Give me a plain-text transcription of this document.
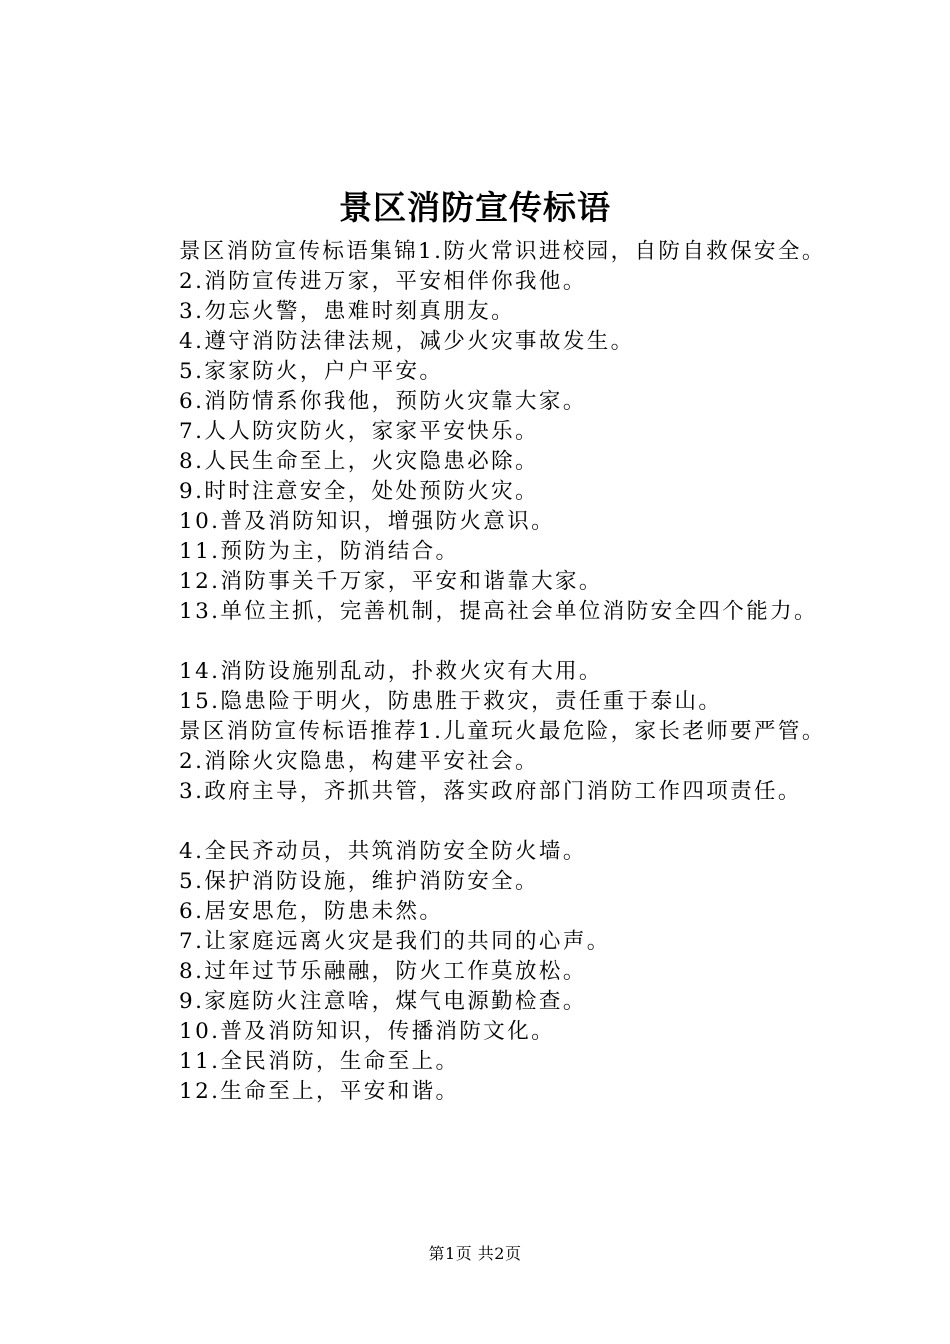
景区消防宣传标语

景区消防宣传标语集锦1.防火常识进校园，自防自救保安全。

2.消防宣传进万家，平安相伴你我他。

3.勿忘火警，患难时刻真朋友。

4.遵守消防法律法规，减少火灾事故发生。

5.家家防火，户户平安。

6.消防情系你我他，预防火灾靠大家。

7.人人防灾防火，家家平安快乐。

8.人民生命至上，火灾隐患必除。

9.时时注意安全，处处预防火灾。

10.普及消防知识，增强防火意识。

11.预防为主，防消结合。

12.消防事关千万家，平安和谐靠大家。

13.单位主抓，完善机制，提高社会单位消防安全四个能力。

14.消防设施别乱动，扑救火灾有大用。

15.隐患险于明火，防患胜于救灾，责任重于泰山。

景区消防宣传标语推荐1.儿童玩火最危险，家长老师要严管。

2.消除火灾隐患，构建平安社会。

3.政府主导，齐抓共管，落实政府部门消防工作四项责任。

4.全民齐动员，共筑消防安全防火墙。

5.保护消防设施，维护消防安全。

6.居安思危，防患未然。

7.让家庭远离火灾是我们的共同的心声。

8.过年过节乐融融，防火工作莫放松。

9.家庭防火注意啥，煤气电源勤检查。

10.普及消防知识，传播消防文化。

11.全民消防，生命至上。

12.生命至上，平安和谐。

第1页 共2页
